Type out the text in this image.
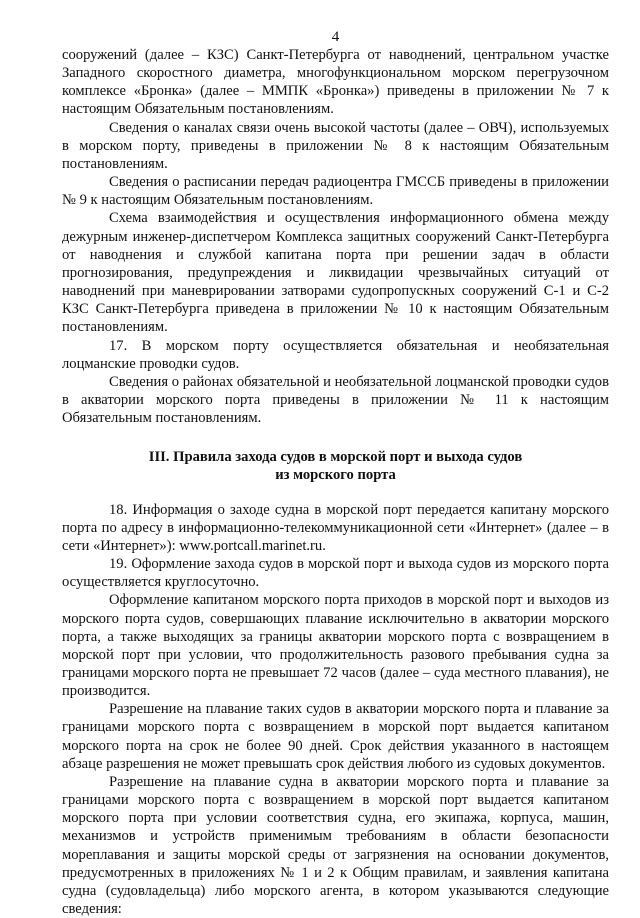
4

сооружений (далее – КЗС) Санкт-Петербурга от наводнений, центральном участке Западного скоростного диаметра, многофункциональном морском перегрузочном комплексе «Бронка» (далее – ММПК «Бронка») приведены в приложении № 7 к настоящим Обязательным постановлениям.

Сведения о каналах связи очень высокой частоты (далее – ОВЧ), используемых в морском порту, приведены в приложении № 8 к настоящим Обязательным постановлениям.

Сведения о расписании передач радиоцентра ГМССБ приведены в приложении № 9 к настоящим Обязательным постановлениям.

Схема взаимодействия и осуществления информационного обмена между дежурным инженер-диспетчером Комплекса защитных сооружений Санкт-Петербурга от наводнения и службой капитана порта при решении задач в области прогнозирования, предупреждения и ликвидации чрезвычайных ситуаций от наводнений при маневрировании затворами судопропускных сооружений С-1 и С-2 КЗС Санкт-Петербурга приведена в приложении № 10 к настоящим Обязательным постановлениям.

17. В морском порту осуществляется обязательная и необязательная лоцманские проводки судов.

Сведения о районах обязательной и необязательной лоцманской проводки судов в акватории морского порта приведены в приложении № 11 к настоящим Обязательным постановлениям.

III. Правила захода судов в морской порт и выхода судов
из морского порта

18. Информация о заходе судна в морской порт передается капитану морского порта по адресу в информационно-телекоммуникационной сети «Интернет» (далее – в сети «Интернет»): www.portcall.marinet.ru.

19. Оформление захода судов в морской порт и выхода судов из морского порта осуществляется круглосуточно.

Оформление капитаном морского порта приходов в морской порт и выходов из морского порта судов, совершающих плавание исключительно в акватории морского порта, а также выходящих за границы акватории морского порта с возвращением в морской порт при условии, что продолжительность разового пребывания судна за границами морского порта не превышает 72 часов (далее – суда местного плавания), не производится.

Разрешение на плавание таких судов в акватории морского порта и плавание за границами морского порта с возвращением в морской порт выдается капитаном морского порта на срок не более 90 дней. Срок действия указанного в настоящем абзаце разрешения не может превышать срок действия любого из судовых документов.

Разрешение на плавание судна в акватории морского порта и плавание за границами морского порта с возвращением в морской порт выдается капитаном морского порта при условии соответствия судна, его экипажа, корпуса, машин, механизмов и устройств применимым требованиям в области безопасности мореплавания и защиты морской среды от загрязнения на основании документов, предусмотренных в приложениях № 1 и 2 к Общим правилам, и заявления капитана судна (судовладельца) либо морского агента, в котором указываются следующие сведения:
